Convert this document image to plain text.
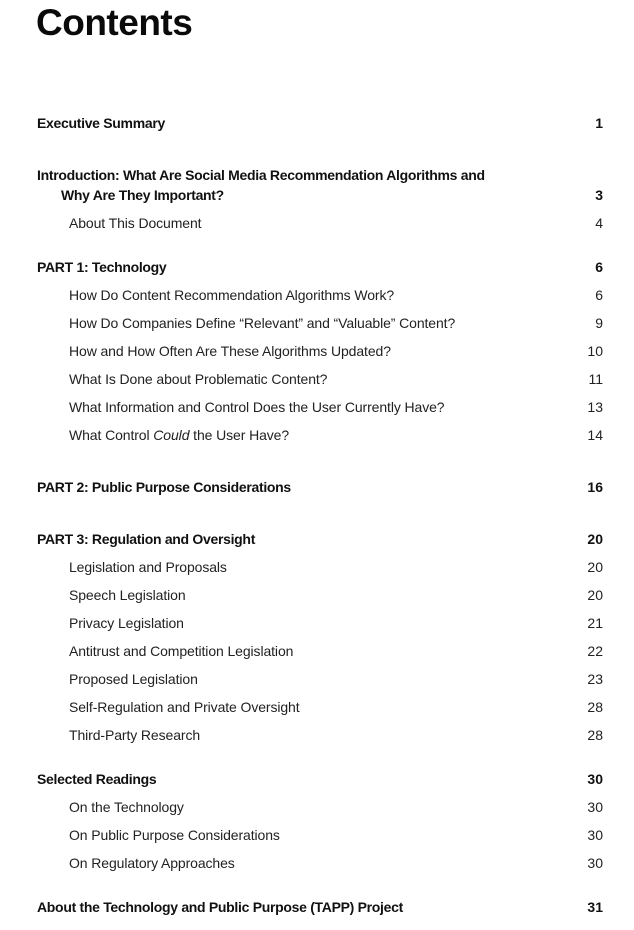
Contents
Executive Summary	1
Introduction: What Are Social Media Recommendation Algorithms and
Why Are They Important?	3
About This Document	4
PART 1: Technology	6
How Do Content Recommendation Algorithms Work?	6
How Do Companies Define “Relevant” and “Valuable” Content?	9
How and How Often Are These Algorithms Updated?	10
What Is Done about Problematic Content?	11
What Information and Control Does the User Currently Have?	13
What Control Could the User Have?	14
PART 2: Public Purpose Considerations	16
PART 3: Regulation and Oversight	20
Legislation and Proposals	20
Speech Legislation	20
Privacy Legislation	21
Antitrust and Competition Legislation	22
Proposed Legislation	23
Self-Regulation and Private Oversight	28
Third-Party Research	28
Selected Readings	30
On the Technology	30
On Public Purpose Considerations	30
On Regulatory Approaches	30
About the Technology and Public Purpose (TAPP) Project	31
